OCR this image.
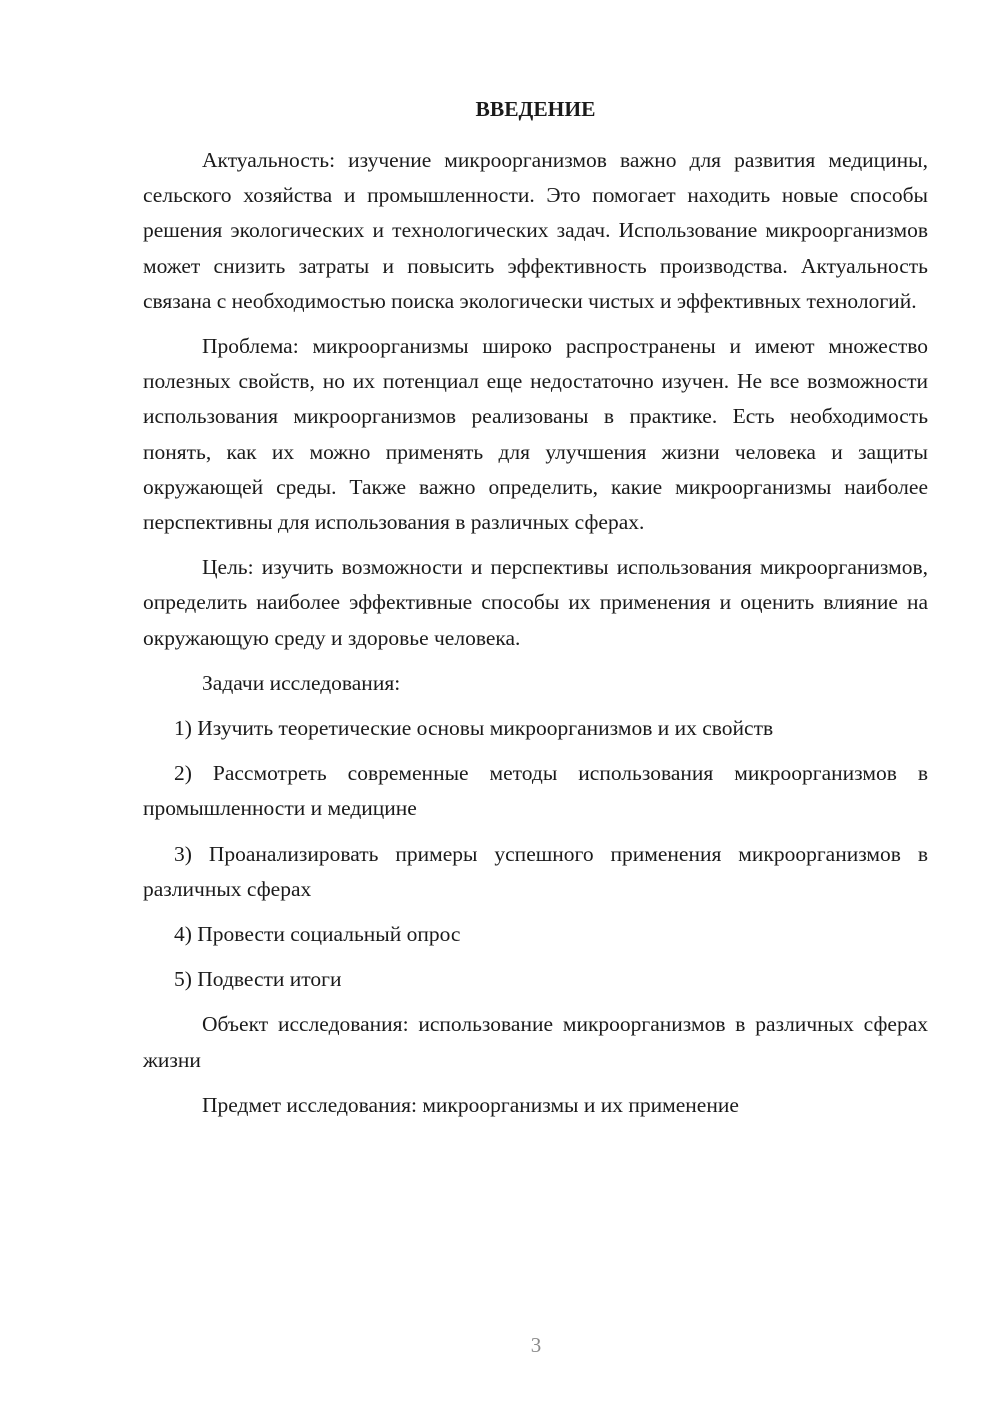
ВВЕДЕНИЕ

Актуальность: изучение микроорганизмов важно для развития медицины, сельского хозяйства и промышленности. Это помогает находить новые способы решения экологических и технологических задач. Использование микроорганизмов может снизить затраты и повысить эффективность производства. Актуальность связана с необходимостью поиска экологически чистых и эффективных технологий.

Проблема: микроорганизмы широко распространены и имеют множество полезных свойств, но их потенциал еще недостаточно изучен. Не все возможности использования микроорганизмов реализованы в практике. Есть необходимость понять, как их можно применять для улучшения жизни человека и защиты окружающей среды. Также важно определить, какие микроорганизмы наиболее перспективны для использования в различных сферах.

Цель: изучить возможности и перспективы использования микроорганизмов, определить наиболее эффективные способы их применения и оценить влияние на окружающую среду и здоровье человека.

Задачи исследования:

1) Изучить теоретические основы микроорганизмов и их свойств

2) Рассмотреть современные методы использования микроорганизмов в промышленности и медицине

3) Проанализировать примеры успешного применения микроорганизмов в различных сферах

4) Провести социальный опрос

5) Подвести итоги

Объект исследования: использование микроорганизмов в различных сферах жизни

Предмет исследования: микроорганизмы и их применение

3
